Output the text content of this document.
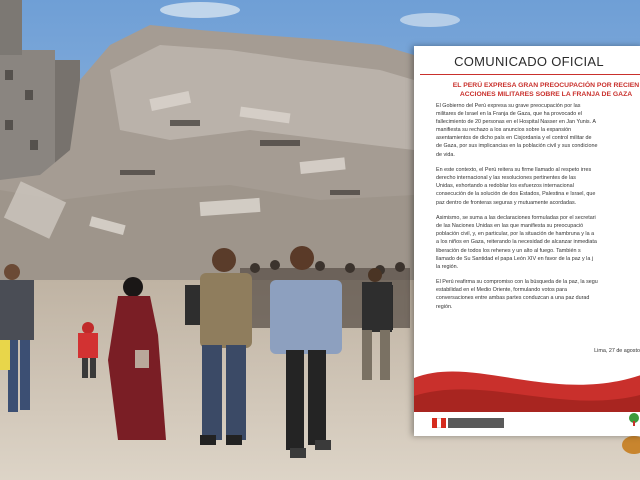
COMUNICADO OFICIAL
EL PERÚ EXPRESA GRAN PREOCUPACIÓN POR RECIEN
ACCIONES MILITARES SOBRE LA FRANJA DE GAZA

El Gobierno del Perú expresa su grave preocupación por las
militares de Israel en la Franja de Gaza, que ha provocado el
fallecimiento de 20 personas en el Hospital Nasser en Jan Yunis. A
manifiesta su rechazo a los anuncios sobre la expansión
asentamientos de dicho país en Cisjordania y el control militar de
de Gaza, por sus implicancias en la población civil y sus condicione
de vida.

En este contexto, el Perú reitera su firme llamado al respeto irres
derecho internacional y las resoluciones pertinentes de las
Unidas, exhortando a redoblar los esfuerzos internacional
consecución de la solución de dos Estados, Palestina e Israel, que
paz dentro de fronteras seguras y mutuamente acordadas.

Asimismo, se suma a las declaraciones formuladas por el secretari
de las Naciones Unidas en las que manifiesta su preocupació
población civil, y, en particular, por la situación de hambruna y la a
a los niños en Gaza, reiterando la necesidad de alcanzar inmediata
liberación de todos los rehenes y un alto al fuego. También s
llamado de Su Santidad el papa León XIV en favor de la paz y la j
la región.

El Perú reafirma su compromiso con la búsqueda de la paz, la segu
estabilidad en el Medio Oriente, formulando votos para
conversaciones entre ambas partes conduzcan a una paz durad
región.

Lima, 27 de agosto
